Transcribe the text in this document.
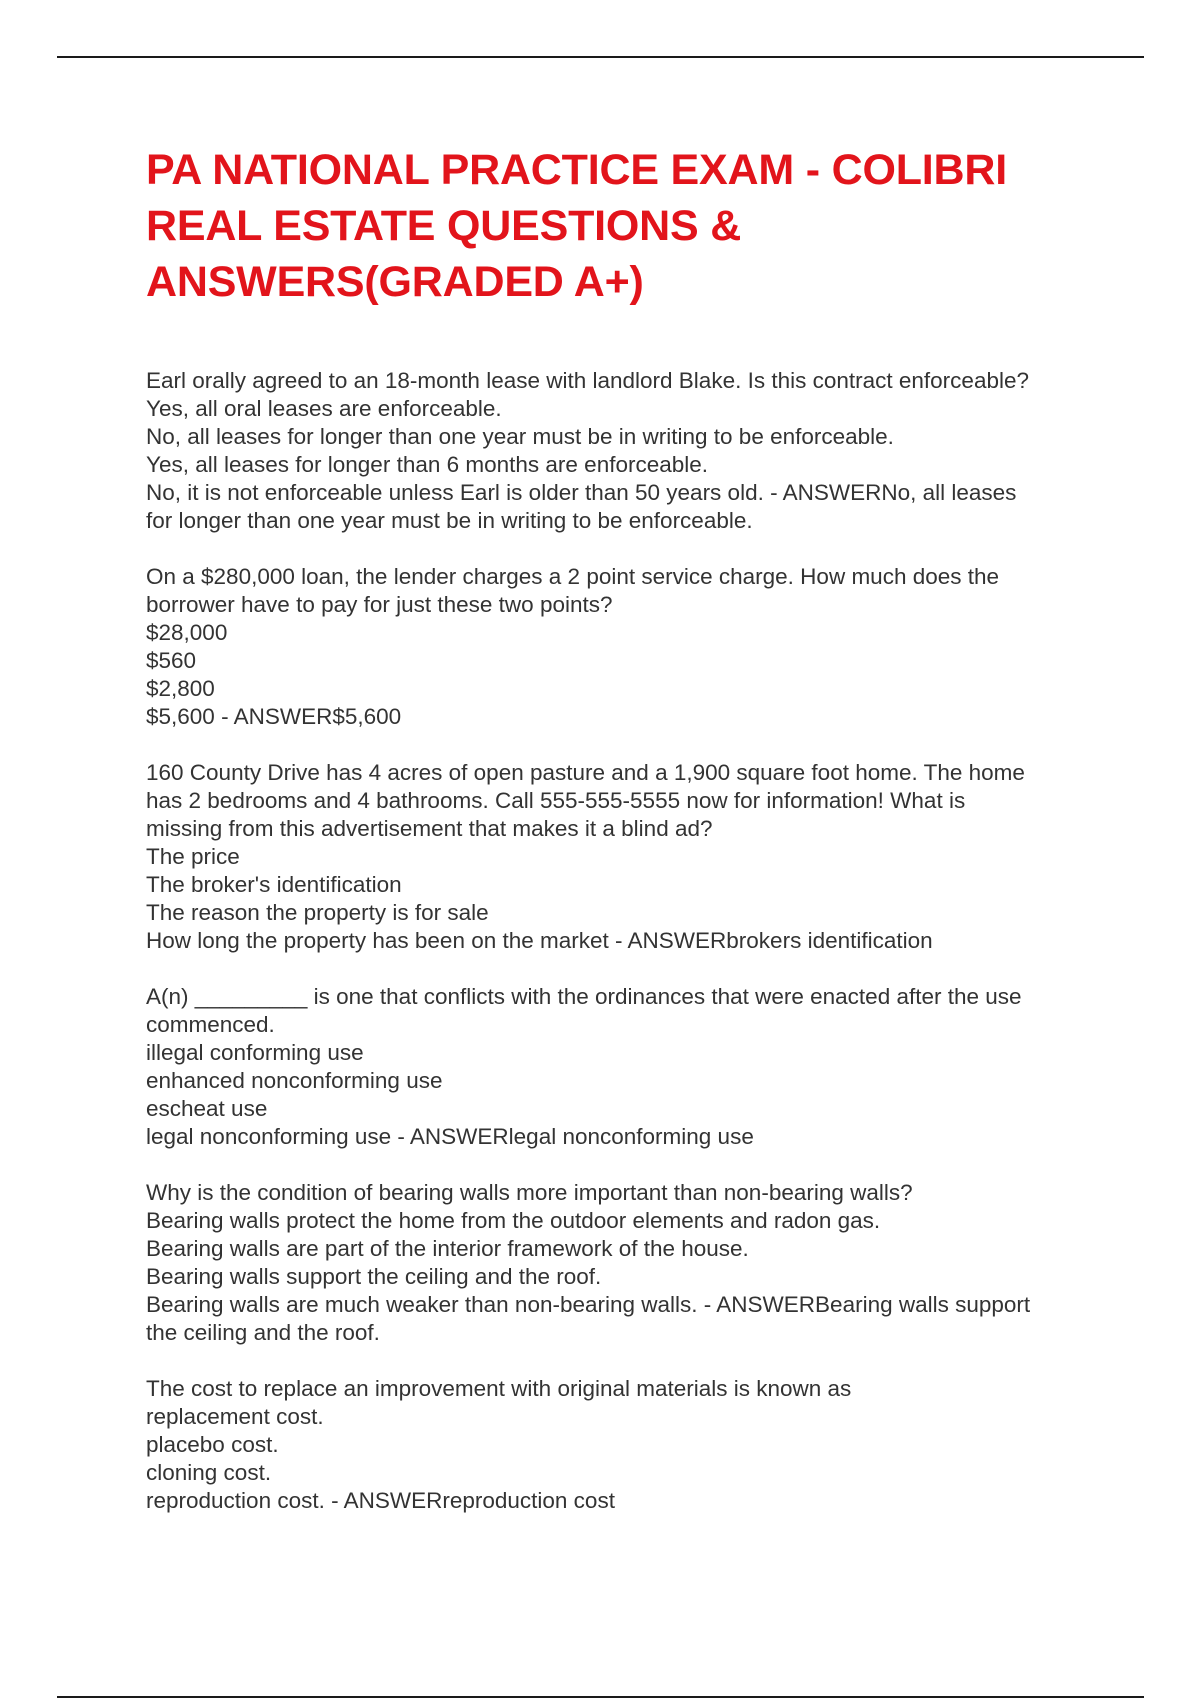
PA NATIONAL PRACTICE EXAM - COLIBRI REAL ESTATE QUESTIONS & ANSWERS(GRADED A+)
Earl orally agreed to an 18-month lease with landlord Blake. Is this contract enforceable?
Yes, all oral leases are enforceable.
No, all leases for longer than one year must be in writing to be enforceable.
Yes, all leases for longer than 6 months are enforceable.
No, it is not enforceable unless Earl is older than 50 years old. - ANSWERNo, all leases for longer than one year must be in writing to be enforceable.
On a $280,000 loan, the lender charges a 2 point service charge. How much does the borrower have to pay for just these two points?
$28,000
$560
$2,800
$5,600 - ANSWER$5,600
160 County Drive has 4 acres of open pasture and a 1,900 square foot home. The home has 2 bedrooms and 4 bathrooms. Call 555-555-5555 now for information! What is missing from this advertisement that makes it a blind ad?
The price
The broker's identification
The reason the property is for sale
How long the property has been on the market - ANSWERbrokers identification
A(n) _________ is one that conflicts with the ordinances that were enacted after the use commenced.
illegal conforming use
enhanced nonconforming use
escheat use
legal nonconforming use - ANSWERlegal nonconforming use
Why is the condition of bearing walls more important than non-bearing walls?
Bearing walls protect the home from the outdoor elements and radon gas.
Bearing walls are part of the interior framework of the house.
Bearing walls support the ceiling and the roof.
Bearing walls are much weaker than non-bearing walls. - ANSWERBearing walls support the ceiling and the roof.
The cost to replace an improvement with original materials is known as
replacement cost.
placebo cost.
cloning cost.
reproduction cost. - ANSWERreproduction cost
